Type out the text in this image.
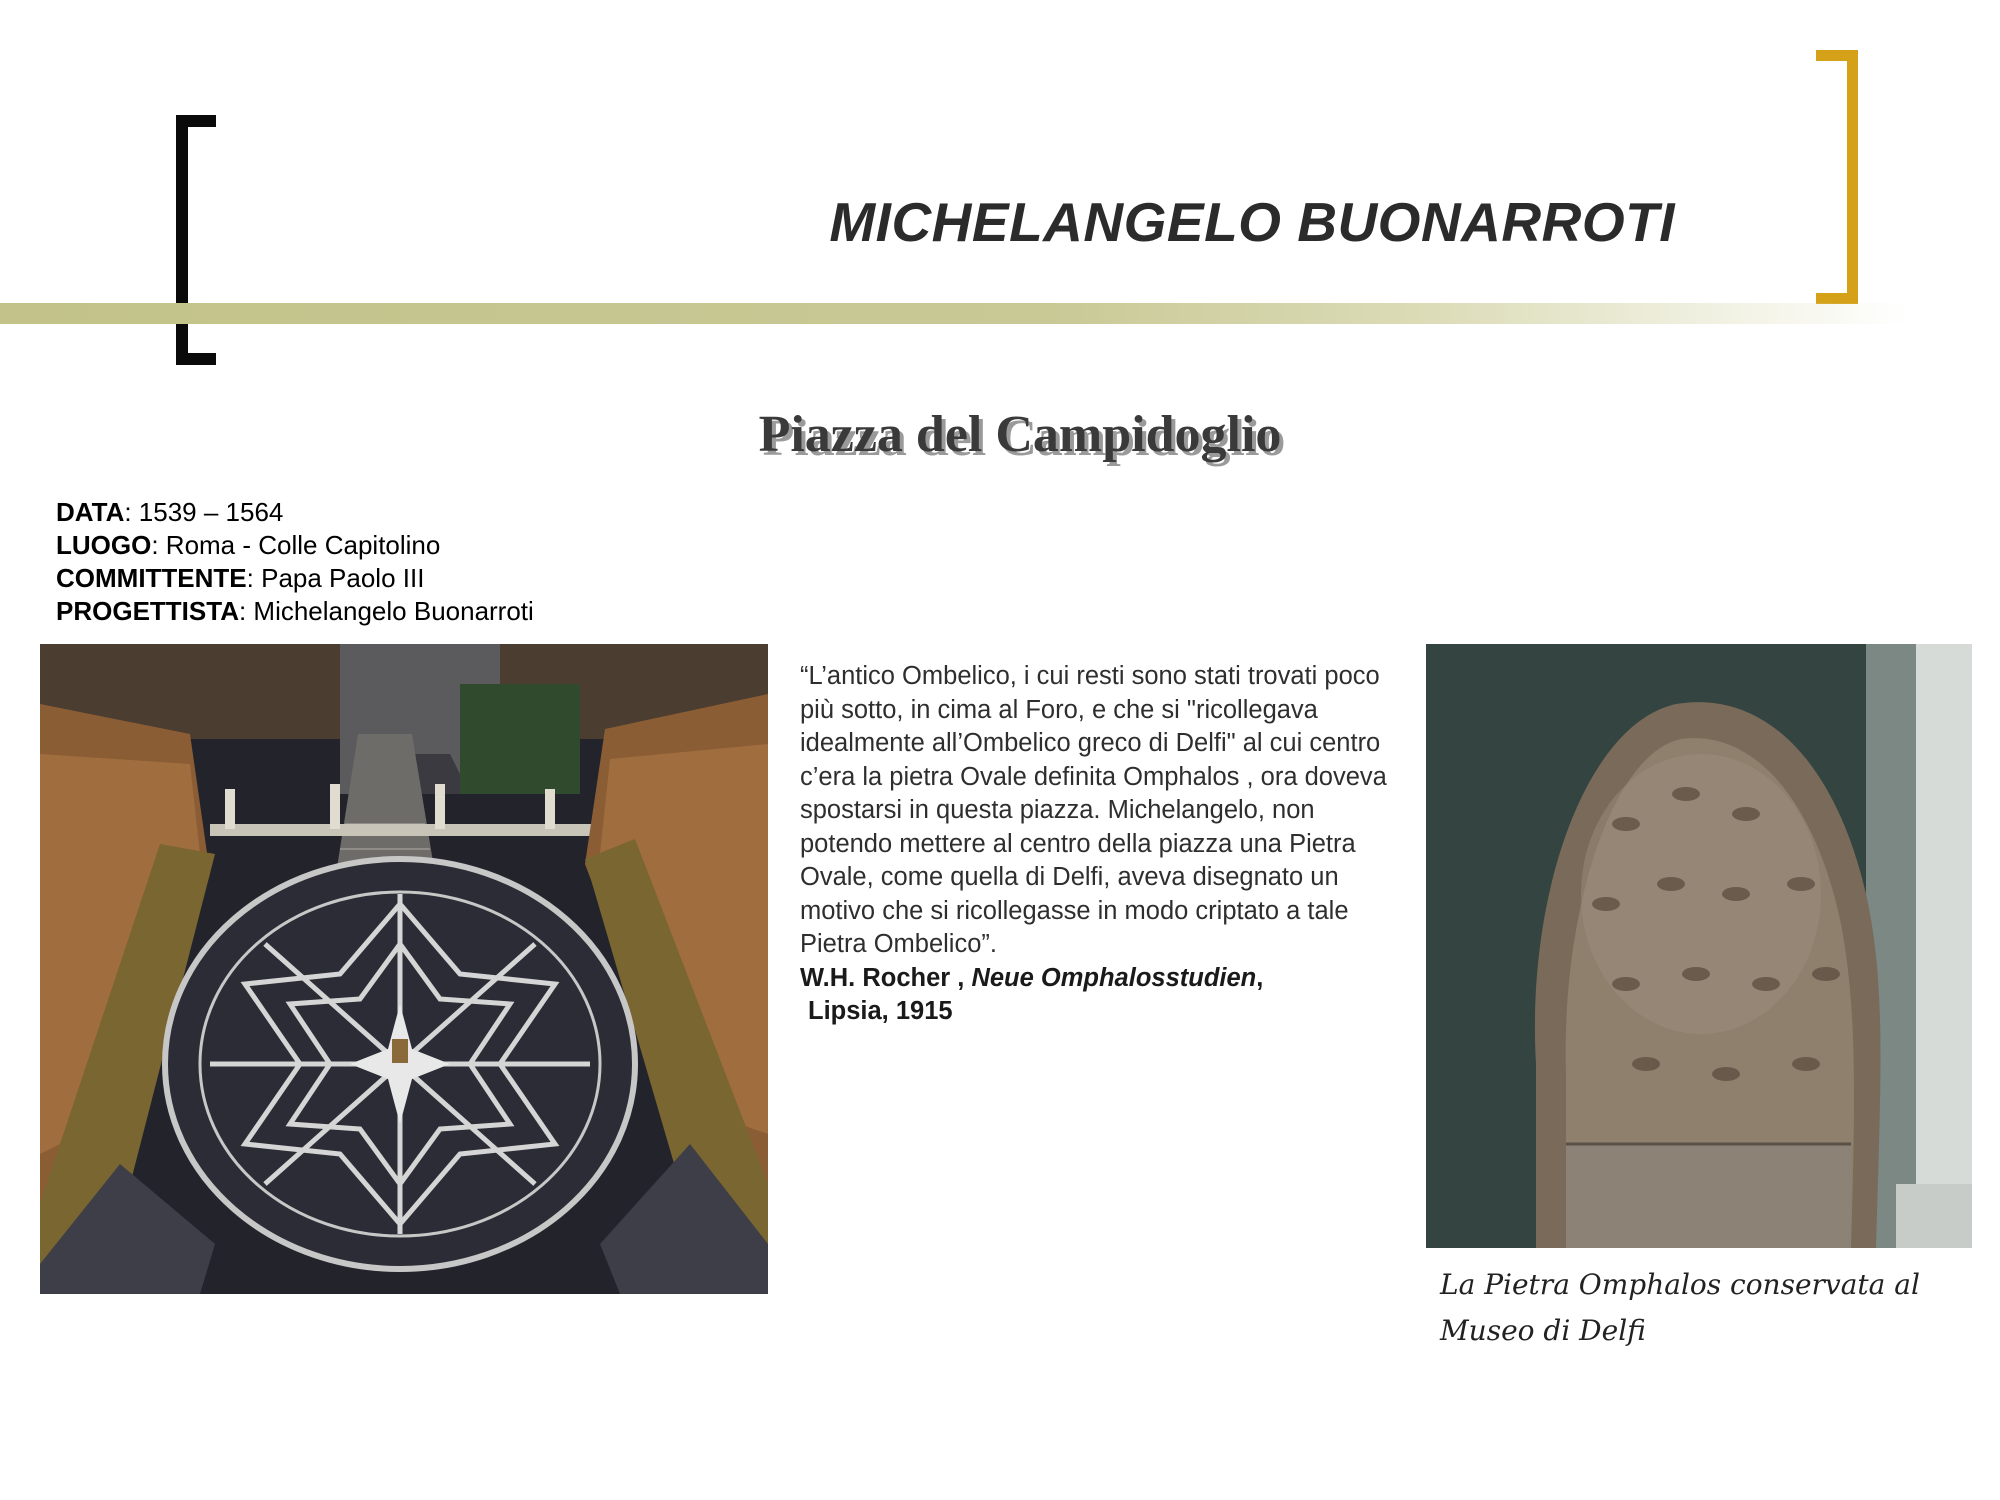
MICHELANGELO BUONARROTI
Piazza del Campidoglio
DATA: 1539 – 1564
LUOGO: Roma - Colle Capitolino
COMMITTENTE: Papa Paolo III
PROGETTISTA: Michelangelo Buonarroti
“L’antico Ombelico, i cui resti sono stati trovati poco più sotto, in cima al Foro, e che si "ricollegava idealmente all’Ombelico greco di Delfi" al cui centro c’era la pietra Ovale definita Omphalos , ora doveva spostarsi in questa piazza. Michelangelo, non potendo mettere al centro della piazza una Pietra Ovale, come quella di Delfi, aveva disegnato un motivo che si ricollegasse in modo criptato a tale Pietra Ombelico”.
W.H. Rocher , Neue Omphalosstudien,
Lipsia, 1915
La Pietra Omphalos conservata al
Museo di Delfi
